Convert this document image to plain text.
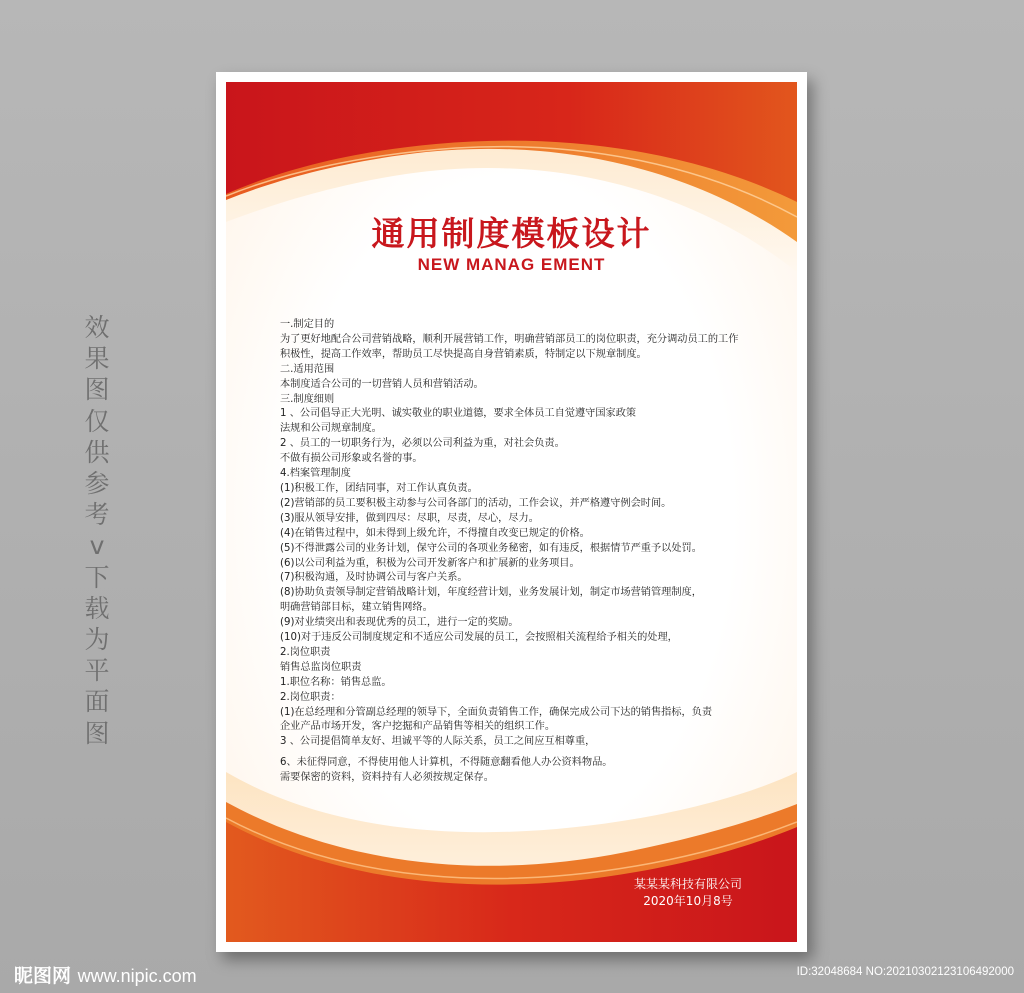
效
果
图
仅
供
参
考
v
下
载
为
平
面
图
通用制度模板设计
NEW MANAG EMENT
一.制定目的
为了更好地配合公司营销战略，顺利开展营销工作，明确营销部员工的岗位职责，充分调动员工的工作
积极性，提高工作效率，帮助员工尽快提高自身营销素质，特制定以下规章制度。
二.适用范围
本制度适合公司的一切营销人员和营销活动。
三.制度细则
1 、公司倡导正大光明、诚实敬业的职业道德，要求全体员工自觉遵守国家政策
法规和公司规章制度。
2 、员工的一切职务行为，必须以公司利益为重，对社会负责。
不做有损公司形象或名誉的事。
4.档案管理制度
(1)积极工作，团结同事，对工作认真负责。
(2)营销部的员工要积极主动参与公司各部门的活动，工作会议，并严格遵守例会时间。
(3)服从领导安排，做到四尽：尽职，尽责，尽心，尽力。
(4)在销售过程中，如未得到上级允许，不得擅自改变已规定的价格。
(5)不得泄露公司的业务计划，保守公司的各项业务秘密，如有违反，根据情节严重予以处罚。
(6)以公司利益为重，积极为公司开发新客户和扩展新的业务项目。
(7)积极沟通，及时协调公司与客户关系。
(8)协助负责领导制定营销战略计划，年度经营计划，业务发展计划，制定市场营销管理制度，
明确营销部目标，建立销售网络。
(9)对业绩突出和表现优秀的员工，进行一定的奖励。
(10)对于违反公司制度规定和不适应公司发展的员工，会按照相关流程给予相关的处理，
2.岗位职责
销售总监岗位职责
1.职位名称：销售总监。
2.岗位职责：
(1)在总经理和分管副总经理的领导下，全面负责销售工作，确保完成公司下达的销售指标，负责
企业产品市场开发，客户挖掘和产品销售等相关的组织工作。
3 、公司提倡简单友好、坦诚平等的人际关系，员工之间应互相尊重，
6、未征得同意，不得使用他人计算机，不得随意翻看他人办公资料物品。
需要保密的资料，资料持有人必须按规定保存。
某某某科技有限公司
2020年10月8号
昵图网 www.nipic.com	ID:32048684 NO:20210302123106492000
